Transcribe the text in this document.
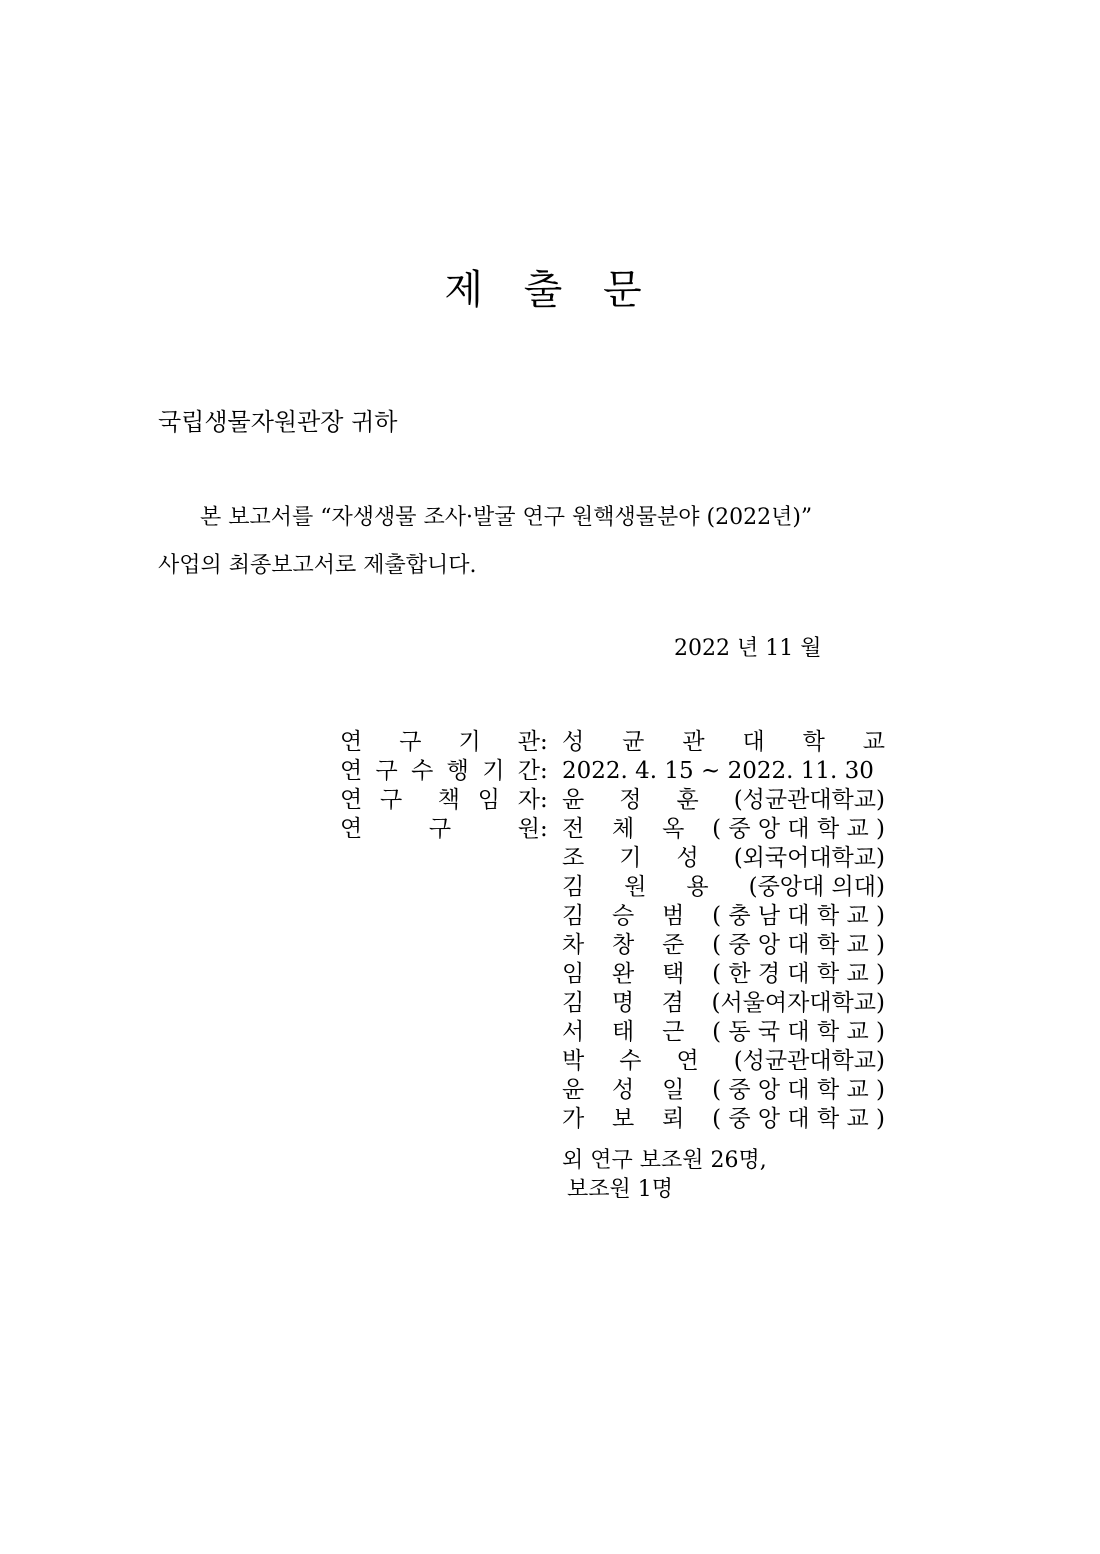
제 출 문
국립생물자원관장 귀하
본 보고서를 “자생생물 조사·발굴 연구 원핵생물분야 (2022년)”
사업의 최종보고서로 제출합니다.
2022 년 11 월
연 구 기 관 : 성 균 관 대 학 교
연 구 수 행 기 간 : 2022. 4. 15 ~ 2022. 11. 30
연 구 책 임 자 : 윤 정 훈 (성균관대학교)
연	구	원 : 전 체 옥 ( 중 앙 대 학 교 )
조 기 성 (외국어대학교)
김 원 용 (중앙대 의대)
김 승 범 ( 충 남 대 학 교 )
차 창 준 ( 중 앙 대 학 교 )
임 완 택 ( 한 경 대 학 교 )
김 명 겸 (서울여자대학교)
서 태 근 ( 동 국 대 학 교 )
박 수 연 (성균관대학교)
윤 성 일 ( 중 앙 대 학 교 )
가 보 뢰 ( 중 앙 대 학 교 )
외 연구 보조원 26명,
보조원 1명
